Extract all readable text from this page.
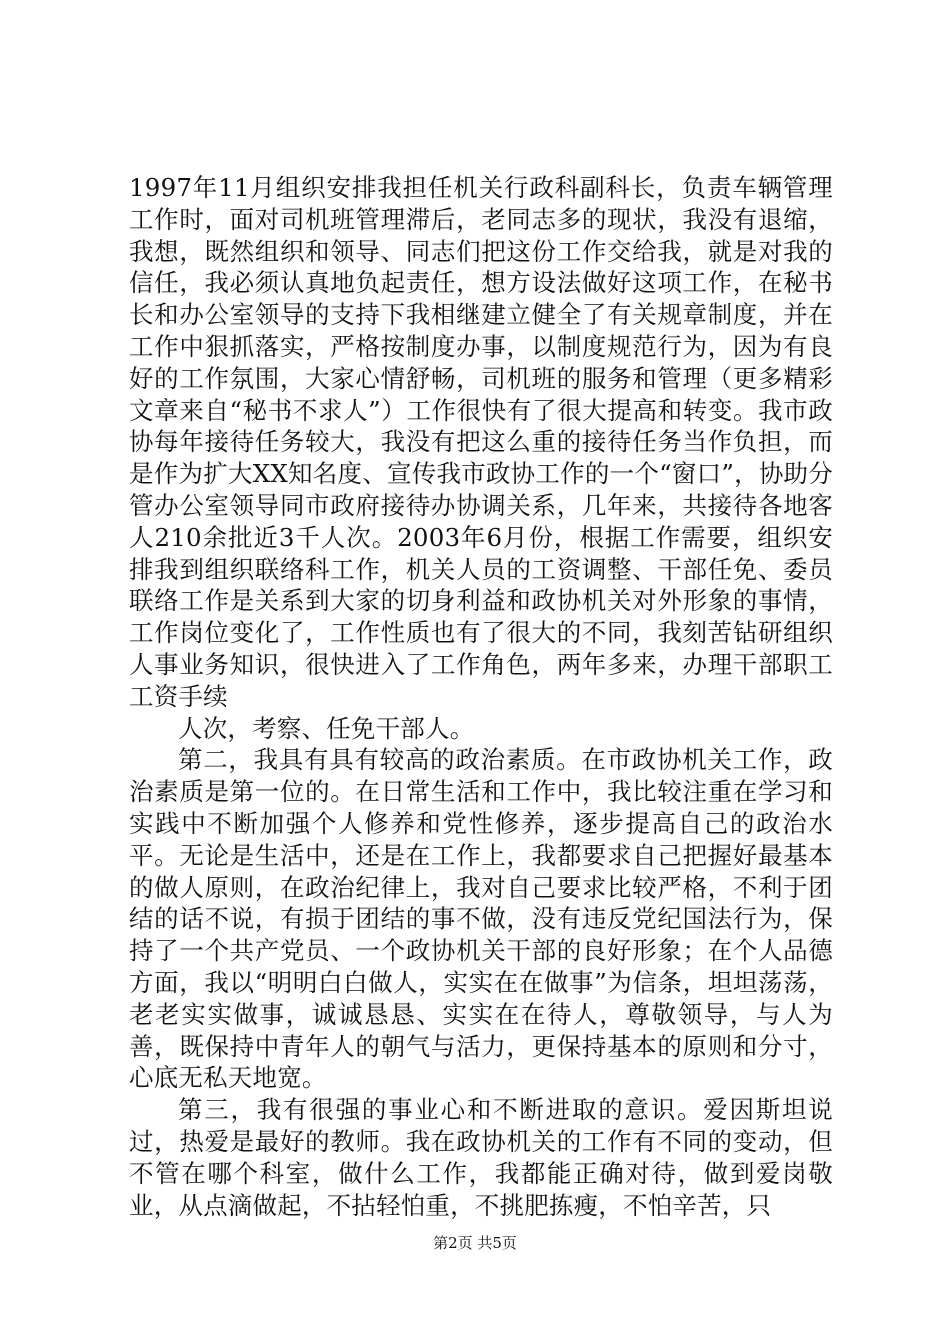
1997年11月组织安排我担任机关行政科副科长，负责车辆管理工作时，面对司机班管理滞后，老同志多的现状，我没有退缩，我想，既然组织和领导、同志们把这份工作交给我，就是对我的信任，我必须认真地负起责任，想方设法做好这项工作，在秘书长和办公室领导的支持下我相继建立健全了有关规章制度，并在工作中狠抓落实，严格按制度办事，以制度规范行为，因为有良好的工作氛围，大家心情舒畅，司机班的服务和管理（更多精彩文章来自“秘书不求人”）工作很快有了很大提高和转变。我市政协每年接待任务较大，我没有把这么重的接待任务当作负担，而是作为扩大XX知名度、宣传我市政协工作的一个“窗口”，协助分管办公室领导同市政府接待办协调关系，几年来，共接待各地客人210余批近3千人次。2003年6月份，根据工作需要，组织安排我到组织联络科工作，机关人员的工资调整、干部任免、委员联络工作是关系到大家的切身利益和政协机关对外形象的事情，工作岗位变化了，工作性质也有了很大的不同，我刻苦钻研组织人事业务知识，很快进入了工作角色，两年多来，办理干部职工工资手续

人次，考察、任免干部人。

第二，我具有具有较高的政治素质。在市政协机关工作，政治素质是第一位的。在日常生活和工作中，我比较注重在学习和实践中不断加强个人修养和党性修养，逐步提高自己的政治水平。无论是生活中，还是在工作上，我都要求自己把握好最基本的做人原则，在政治纪律上，我对自己要求比较严格，不利于团结的话不说，有损于团结的事不做，没有违反党纪国法行为，保持了一个共产党员、一个政协机关干部的良好形象；在个人品德方面，我以“明明白白做人，实实在在做事”为信条，坦坦荡荡，老老实实做事，诚诚恳恳、实实在在待人，尊敬领导，与人为善，既保持中青年人的朝气与活力，更保持基本的原则和分寸，心底无私天地宽。

第三，我有很强的事业心和不断进取的意识。爱因斯坦说过，热爱是最好的教师。我在政协机关的工作有不同的变动，但不管在哪个科室，做什么工作，我都能正确对待，做到爱岗敬业，从点滴做起，不拈轻怕重，不挑肥拣瘦，不怕辛苦，只

第2页 共5页
